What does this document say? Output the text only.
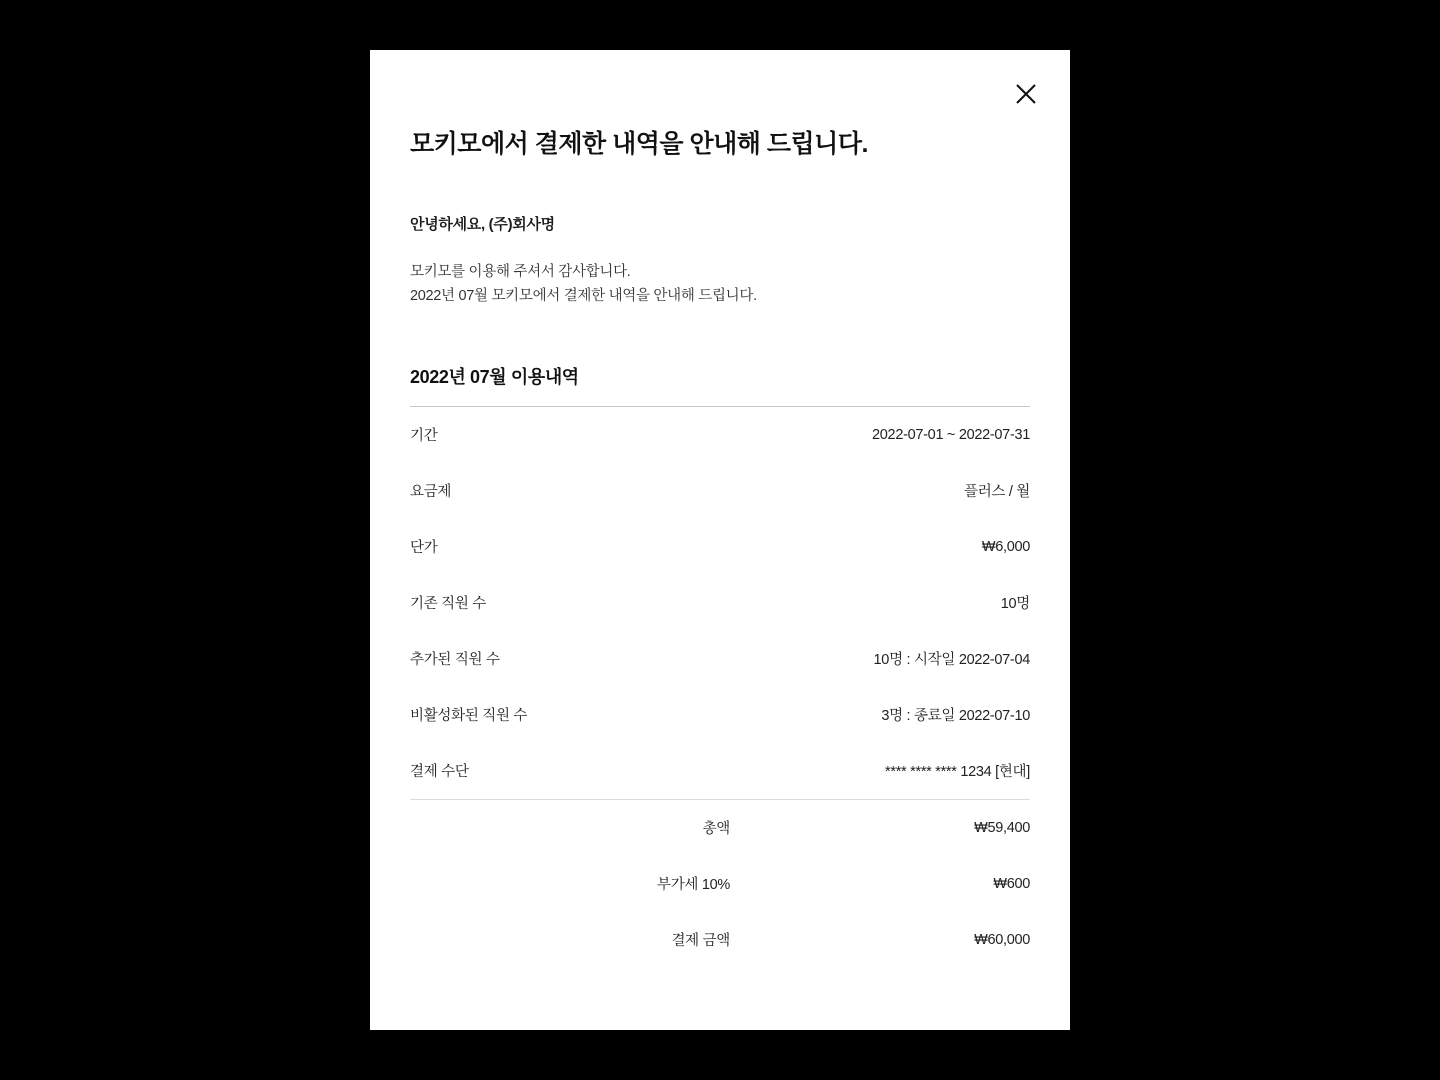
모키모에서 결제한 내역을 안내해 드립니다.

안녕하세요, (주)회사명

모키모를 이용해 주셔서 감사합니다.
2022년 07월 모키모에서 결제한 내역을 안내해 드립니다.
2022년 07월 이용내역
기간	2022-07-01 ~ 2022-07-31
요금제	플러스 / 월
단가	₩6,000
기존 직원 수	10명
추가된 직원 수	10명 : 시작일 2022-07-04
비활성화된 직원 수	3명 : 종료일 2022-07-10
결제 수단	**** **** **** 1234 [현대]
총액	₩59,400
부가세 10%	₩600
결제 금액	₩60,000
